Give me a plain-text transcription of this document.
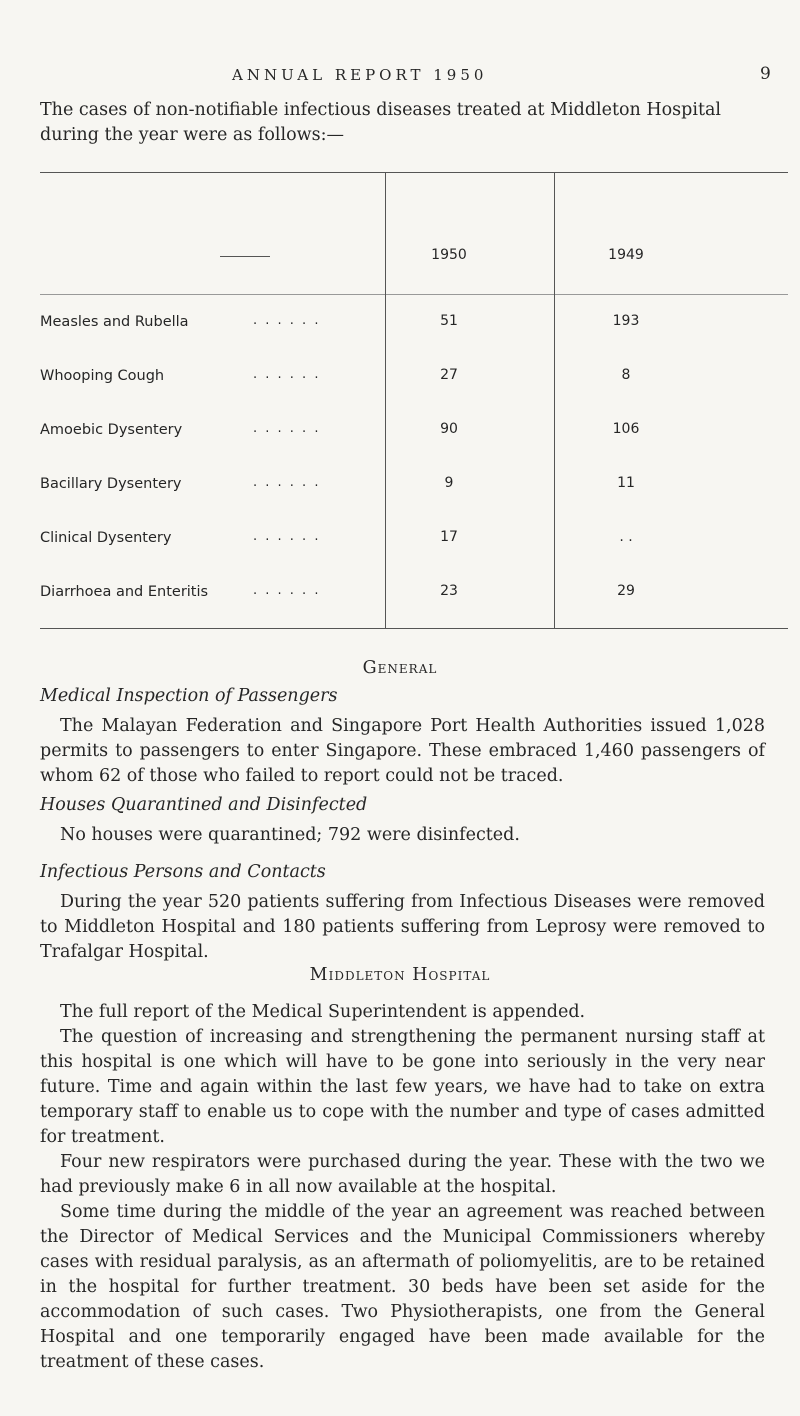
ANNUAL REPORT 1950	9

The cases of non-notifiable infectious diseases treated at Middleton Hospital during the year were as follows:—

1950	1949
Measles and Rubella	. . . . . .	51	193
Whooping Cough	. . . . . .	27	8
Amoebic Dysentery	. . . . . .	90	106
Bacillary Dysentery	. . . . . .	9	11
Clinical Dysentery	. . . . . .	17	. .
Diarrhoea and Enteritis	. . . . . .	23	29
General
Medical Inspection of Passengers

The Malayan Federation and Singapore Port Health Authorities issued 1,028 permits to passengers to enter Singapore. These embraced 1,460 passengers of whom 62 of those who failed to report could not be traced.

Houses Quarantined and Disinfected

No houses were quarantined; 792 were disinfected.

Infectious Persons and Contacts

During the year 520 patients suffering from Infectious Diseases were removed to Middleton Hospital and 180 patients suffering from Leprosy were removed to Trafalgar Hospital.

Middleton Hospital

The full report of the Medical Superintendent is appended.

The question of increasing and strengthening the permanent nursing staff at this hospital is one which will have to be gone into seriously in the very near future. Time and again within the last few years, we have had to take on extra temporary staff to enable us to cope with the number and type of cases admitted for treatment.

Four new respirators were purchased during the year. These with the two we had previously make 6 in all now available at the hospital.

Some time during the middle of the year an agreement was reached between the Director of Medical Services and the Municipal Commissioners whereby cases with residual paralysis, as an aftermath of poliomyelitis, are to be retained in the hospital for further treatment. 30 beds have been set aside for the accommodation of such cases. Two Physiotherapists, one from the General Hospital and one temporarily engaged have been made available for the treatment of these cases.
